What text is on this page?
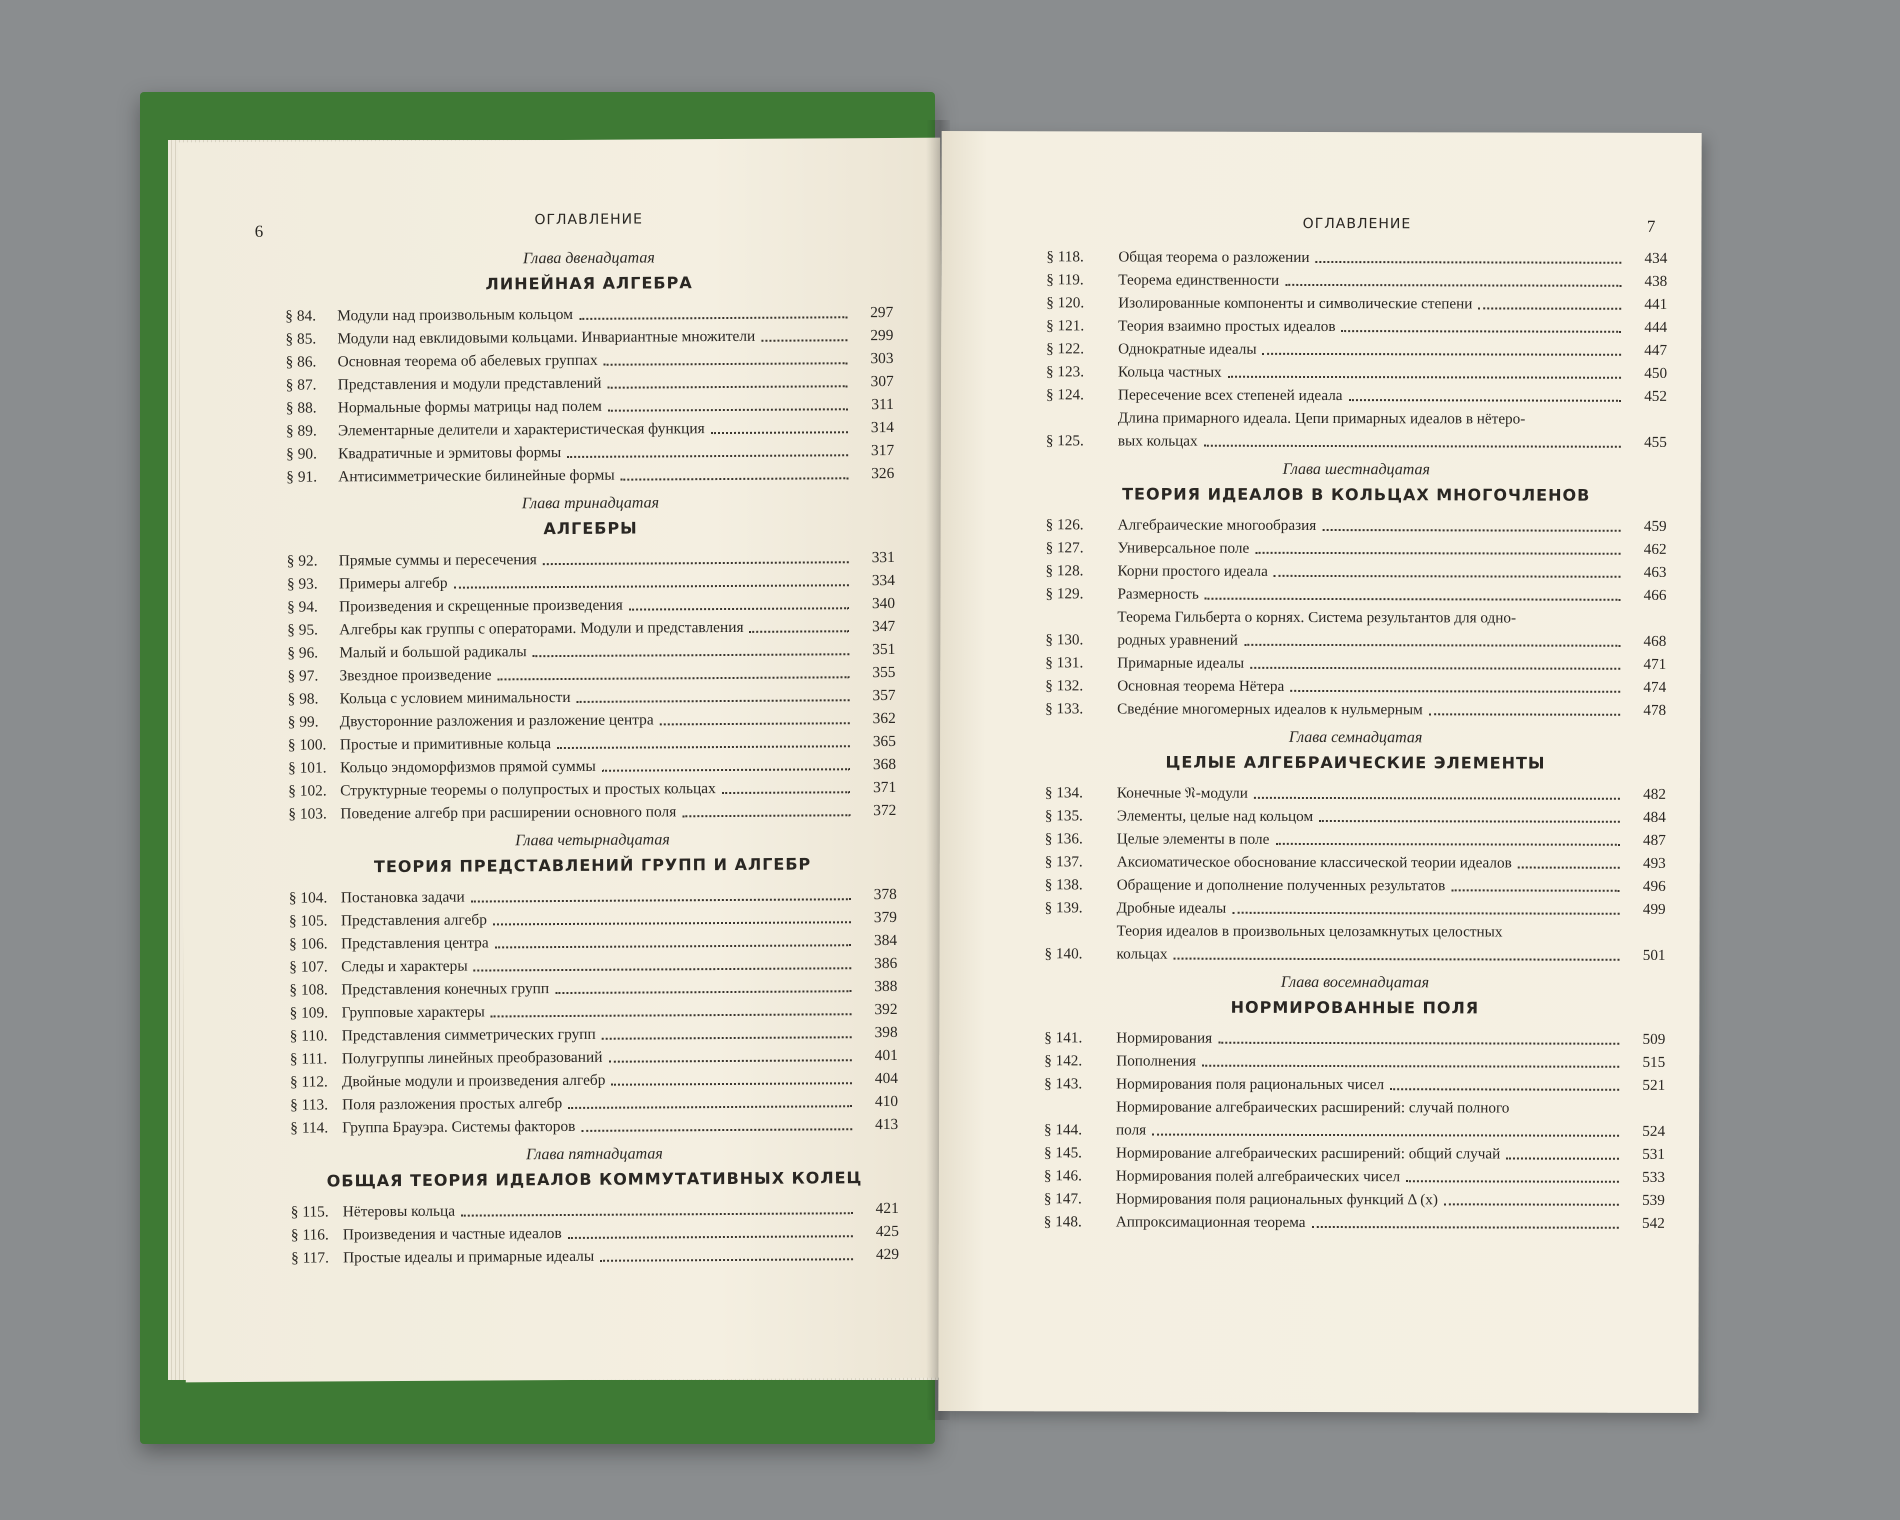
6
ОГЛАВЛЕНИЕ
Глава двенадцатая
ЛИНЕЙНАЯ АЛГЕБРА
§ 84.	Модули над произвольным кольцом	297
§ 85.	Модули над евклидовыми кольцами. Инвариантные множители	299
§ 86.	Основная теорема об абелевых группах	303
§ 87.	Представления и модули представлений	307
§ 88.	Нормальные формы матрицы над полем	311
§ 89.	Элементарные делители и характеристическая функция	314
§ 90.	Квадратичные и эрмитовы формы	317
§ 91.	Антисимметрические билинейные формы	326
Глава тринадцатая
АЛГЕБРЫ
§ 92.	Прямые суммы и пересечения	331
§ 93.	Примеры алгебр	334
§ 94.	Произведения и скрещенные произведения	340
§ 95.	Алгебры как группы с операторами. Модули и представления	347
§ 96.	Малый и большой радикалы	351
§ 97.	Звездное произведение	355
§ 98.	Кольца с условием минимальности	357
§ 99.	Двусторонние разложения и разложение центра	362
§ 100. Простые и примитивные кольца	365
§ 101. Кольцо эндоморфизмов прямой суммы	368
§ 102. Структурные теоремы о полупростых и простых кольцах	371
§ 103. Поведение алгебр при расширении основного поля	372
Глава четырнадцатая
ТЕОРИЯ ПРЕДСТАВЛЕНИЙ ГРУПП И АЛГЕБР
§ 104. Постановка задачи	378
§ 105. Представления алгебр	379
§ 106. Представления центра	384
§ 107. Следы и характеры	386
§ 108. Представления конечных групп	388
§ 109. Групповые характеры	392
§ 110. Представления симметрических групп	398
§ 111. Полугруппы линейных преобразований	401
§ 112. Двойные модули и произведения алгебр	404
§ 113. Поля разложения простых алгебр	410
§ 114. Группа Брауэра. Системы факторов	413
Глава пятнадцатая
ОБЩАЯ ТЕОРИЯ ИДЕАЛОВ КОММУТАТИВНЫХ КОЛЕЦ
§ 115. Нётеровы кольца	421
§ 116. Произведения и частные идеалов	425
§ 117. Простые идеалы и примарные идеалы	429
ОГЛАВЛЕНИЕ	7
§ 118.	Общая теорема о разложении	434
§ 119.	Теорема единственности	438
§ 120.	Изолированные компоненты и символические степени	441
§ 121.	Теория взаимно простых идеалов	444
§ 122.	Однократные идеалы	447
§ 123.	Кольца частных	450
§ 124.	Пересечение всех степеней идеала	452
§ 125.
Длина примарного идеала. Цепи примарных идеалов в нётеро-
вых кольцах	455
Глава шестнадцатая
ТЕОРИЯ ИДЕАЛОВ В КОЛЬЦАХ МНОГОЧЛЕНОВ
§ 126.	Алгебраические многообразия	459
§ 127.	Универсальное поле	462
§ 128.	Корни простого идеала	463
§ 129.	Размерность	466
§ 130.
Теорема Гильберта о корнях. Система результантов для одно-
родных уравнений	468
§ 131.	Примарные идеалы	471
§ 132.	Основная теорема Нётера	474
§ 133.	Сведéние многомерных идеалов к нульмерным	478
Глава семнадцатая
ЦЕЛЫЕ АЛГЕБРАИЧЕСКИЕ ЭЛЕМЕНТЫ
§ 134.	Конечные 𝔑-модули	482
§ 135.	Элементы, целые над кольцом	484
§ 136.	Целые элементы в поле	487
§ 137.	Аксиоматическое обоснование классической теории идеалов	493
§ 138.	Обращение и дополнение полученных результатов	496
§ 139.	Дробные идеалы	499
§ 140.
Теория идеалов в произвольных целозамкнутых целостных
кольцах	501
Глава восемнадцатая
НОРМИРОВАННЫЕ ПОЛЯ
§ 141.	Нормирования	509
§ 142.	Пополнения	515
§ 143.	Нормирования поля рациональных чисел	521
§ 144.
Нормирование алгебраических расширений: случай полного
поля	524
§ 145.	Нормирование алгебраических расширений: общий случай	531
§ 146.	Нормирования полей алгебраических чисел	533
§ 147.	Нормирования поля рациональных функций Δ (x)	539
§ 148.	Аппроксимационная теорема	542
